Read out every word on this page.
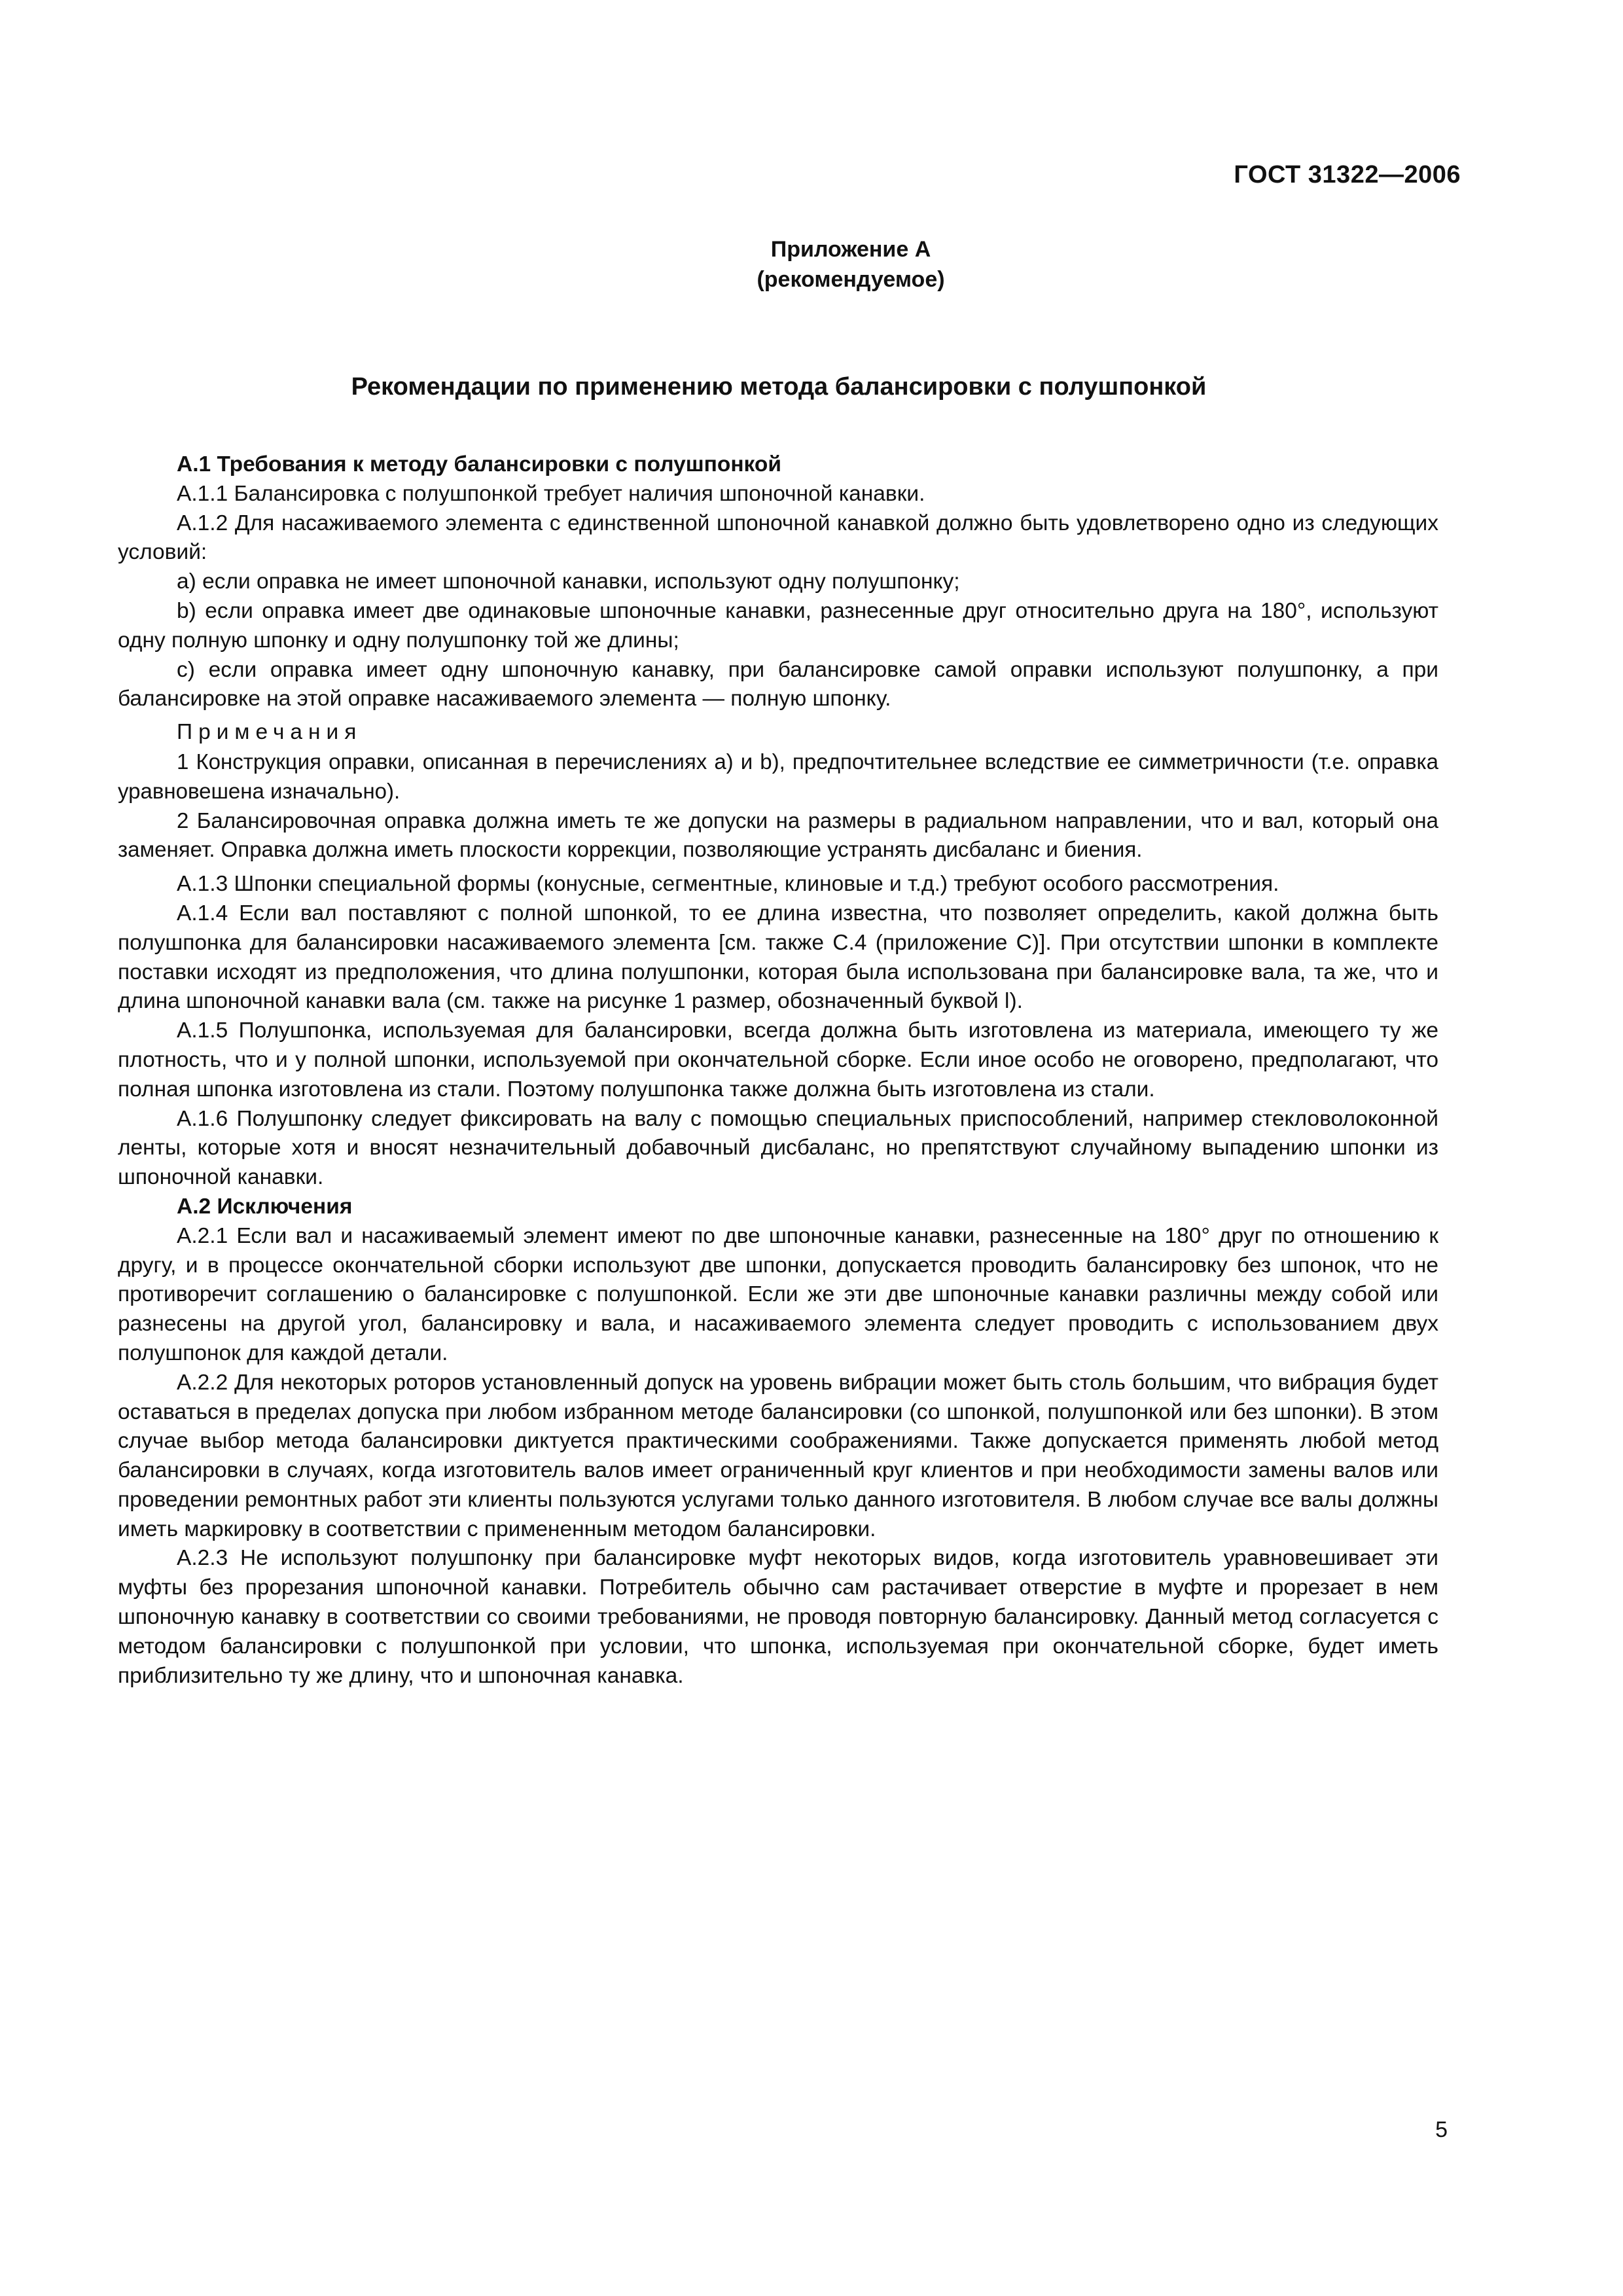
ГОСТ 31322—2006
Приложение А
(рекомендуемое)
Рекомендации по применению метода балансировки с полушпонкой

А.1 Требования к методу балансировки с полушпонкой

А.1.1 Балансировка с полушпонкой требует наличия шпоночной канавки.

А.1.2 Для насаживаемого элемента с единственной шпоночной канавкой должно быть удовлетворено одно из следующих условий:

а) если оправка не имеет шпоночной канавки, используют одну полушпонку;

b) если оправка имеет две одинаковые шпоночные канавки, разнесенные друг относительно друга на 180°, используют одну полную шпонку и одну полушпонку той же длины;

с) если оправка имеет одну шпоночную канавку, при балансировке самой оправки используют полушпонку, а при балансировке на этой оправке насаживаемого элемента — полную шпонку.

Примечания

1 Конструкция оправки, описанная в перечислениях а) и b), предпочтительнее вследствие ее симметричности (т.е. оправка уравновешена изначально).

2 Балансировочная оправка должна иметь те же допуски на размеры в радиальном направлении, что и вал, который она заменяет. Оправка должна иметь плоскости коррекции, позволяющие устранять дисбаланс и биения.

А.1.3 Шпонки специальной формы (конусные, сегментные, клиновые и т.д.) требуют особого рассмотрения.

А.1.4 Если вал поставляют с полной шпонкой, то ее длина известна, что позволяет определить, какой должна быть полушпонка для балансировки насаживаемого элемента [см. также С.4 (приложение С)]. При отсутствии шпонки в комплекте поставки исходят из предположения, что длина полушпонки, которая была использована при балансировке вала, та же, что и длина шпоночной канавки вала (см. также на рисунке 1 размер, обозначенный буквой l).

А.1.5 Полушпонка, используемая для балансировки, всегда должна быть изготовлена из материала, имеющего ту же плотность, что и у полной шпонки, используемой при окончательной сборке. Если иное особо не оговорено, предполагают, что полная шпонка изготовлена из стали. Поэтому полушпонка также должна быть изготовлена из стали.

А.1.6 Полушпонку следует фиксировать на валу с помощью специальных приспособлений, например стекловолоконной ленты, которые хотя и вносят незначительный добавочный дисбаланс, но препятствуют случайному выпадению шпонки из шпоночной канавки.

А.2 Исключения

А.2.1 Если вал и насаживаемый элемент имеют по две шпоночные канавки, разнесенные на 180° друг по отношению к другу, и в процессе окончательной сборки используют две шпонки, допускается проводить балансировку без шпонок, что не противоречит соглашению о балансировке с полушпонкой. Если же эти две шпоночные канавки различны между собой или разнесены на другой угол, балансировку и вала, и насаживаемого элемента следует проводить с использованием двух полушпонок для каждой детали.

А.2.2 Для некоторых роторов установленный допуск на уровень вибрации может быть столь большим, что вибрация будет оставаться в пределах допуска при любом избранном методе балансировки (со шпонкой, полушпонкой или без шпонки). В этом случае выбор метода балансировки диктуется практическими соображениями. Также допускается применять любой метод балансировки в случаях, когда изготовитель валов имеет ограниченный круг клиентов и при необходимости замены валов или проведении ремонтных работ эти клиенты пользуются услугами только данного изготовителя. В любом случае все валы должны иметь маркировку в соответствии с примененным методом балансировки.

А.2.3 Не используют полушпонку при балансировке муфт некоторых видов, когда изготовитель уравновешивает эти муфты без прорезания шпоночной канавки. Потребитель обычно сам растачивает отверстие в муфте и прорезает в нем шпоночную канавку в соответствии со своими требованиями, не проводя повторную балансировку. Данный метод согласуется с методом балансировки с полушпонкой при условии, что шпонка, используемая при окончательной сборке, будет иметь приблизительно ту же длину, что и шпоночная канавка.

5
